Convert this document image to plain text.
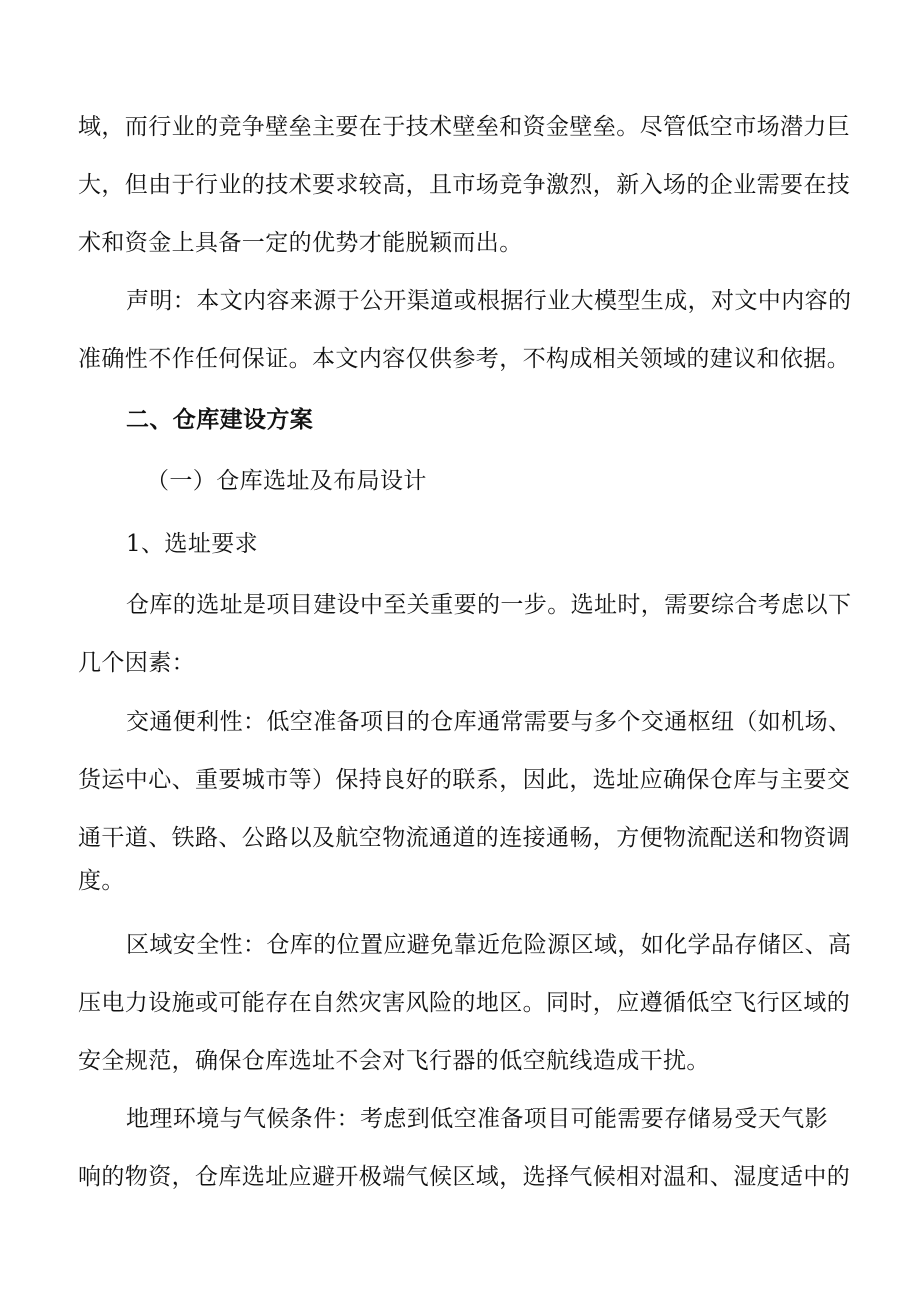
域，而行业的竞争壁垒主要在于技术壁垒和资金壁垒。尽管低空市场潜力巨
大，但由于行业的技术要求较高，且市场竞争激烈，新入场的企业需要在技
术和资金上具备一定的优势才能脱颖而出。
声明：本文内容来源于公开渠道或根据行业大模型生成，对文中内容的
准确性不作任何保证。本文内容仅供参考，不构成相关领域的建议和依据。
二、仓库建设方案
（一）仓库选址及布局设计
1、选址要求
仓库的选址是项目建设中至关重要的一步。选址时，需要综合考虑以下
几个因素：
交通便利性：低空准备项目的仓库通常需要与多个交通枢纽（如机场、
货运中心、重要城市等）保持良好的联系，因此，选址应确保仓库与主要交
通干道、铁路、公路以及航空物流通道的连接通畅，方便物流配送和物资调
度。
区域安全性：仓库的位置应避免靠近危险源区域，如化学品存储区、高
压电力设施或可能存在自然灾害风险的地区。同时，应遵循低空飞行区域的
安全规范，确保仓库选址不会对飞行器的低空航线造成干扰。
地理环境与气候条件：考虑到低空准备项目可能需要存储易受天气影
响的物资，仓库选址应避开极端气候区域，选择气候相对温和、湿度适中的
